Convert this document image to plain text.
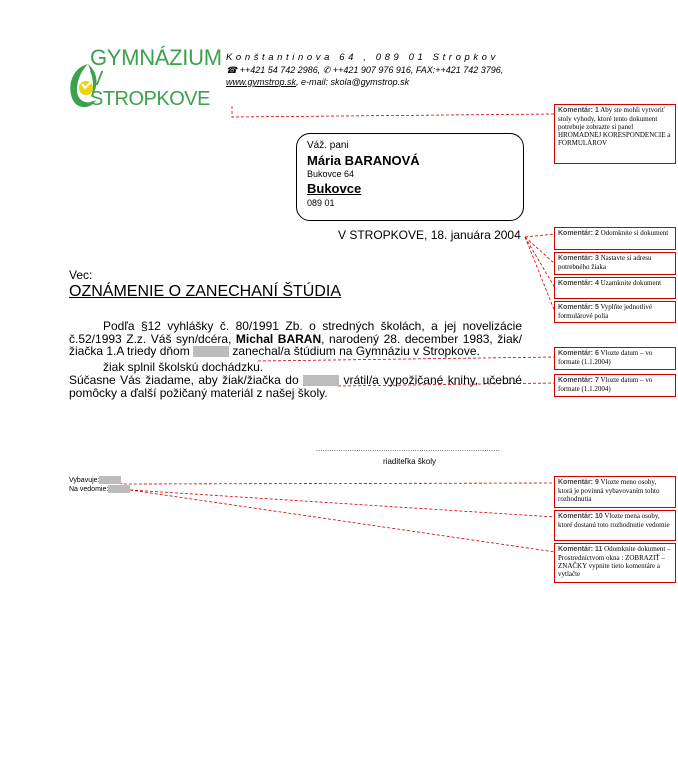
GYMNÁZIUM
V STROPKOVE
Konštantinova 64 , 089 01 Stropkov
☎ ++421 54 742 2986, ✆ ++421 907 976 916, FAX:++421 742 3796,
www.gymstrop.sk, e-mail: skola@gymstrop.sk
Váž. pani
Mária BARANOVÁ
Bukovce 64
Bukovce
089 01
V STROPKOVE, 18. januára 2004
Vec:
OZNÁMENIE O ZANECHANÍ ŠTÚDIA
Podľa §12 vyhlášky č. 80/1991 Zb. o stredných školách, a jej novelizácie č.52/1993 Z.z. Váš syn/dcéra, Michal BARAN, narodený 28. december 1983, žiak/žiačka 1.A triedy dňom	zanechal/a štúdium na Gymnáziu v Stropkove.
žiak splnil školskú dochádzku.
Súčasne Vás žiadame, aby žiak/žiačka do	vrátil/a vypožičané knihy, učebné pomôcky a ďalší požičaný materiál z našej školy.
..................................................................................
riaditeľka školy
Vybavuje:
Na vedomie:
Komentár: 1 Aby ste mohli vytvoriť stoly vyhody, ktoré tento dokument potrebuje zobrazte si panel HROMADNEJ KORESPONDENCIE a FORMULÁROV
Komentár: 2 Odomknite si dokument
Komentár: 3 Nastavte si adresu potrebného žiaka
Komentár: 4 Uzamknite dokument
Komentár: 5 Vyplňte jednotlivé formulárové polia
Komentár: 6 Vlozte datum – vo formate (1.1.2004)
Komentár: 7 Vlozte datum – vo formate (1.1.2004)
Komentár: 9 Vlozte meno osoby, ktorá je povinná vybavovaním tohto rozhodnutia
Komentár: 10 Vlozte mena osoby, ktoré dostanú toto rozhodnutie vedomie
Komentár: 11 Odomknite dokument – Prostredníctvom okna : ZOBRAZIŤ – ZNAČKY vypnite tieto komentáre a vytlačte
